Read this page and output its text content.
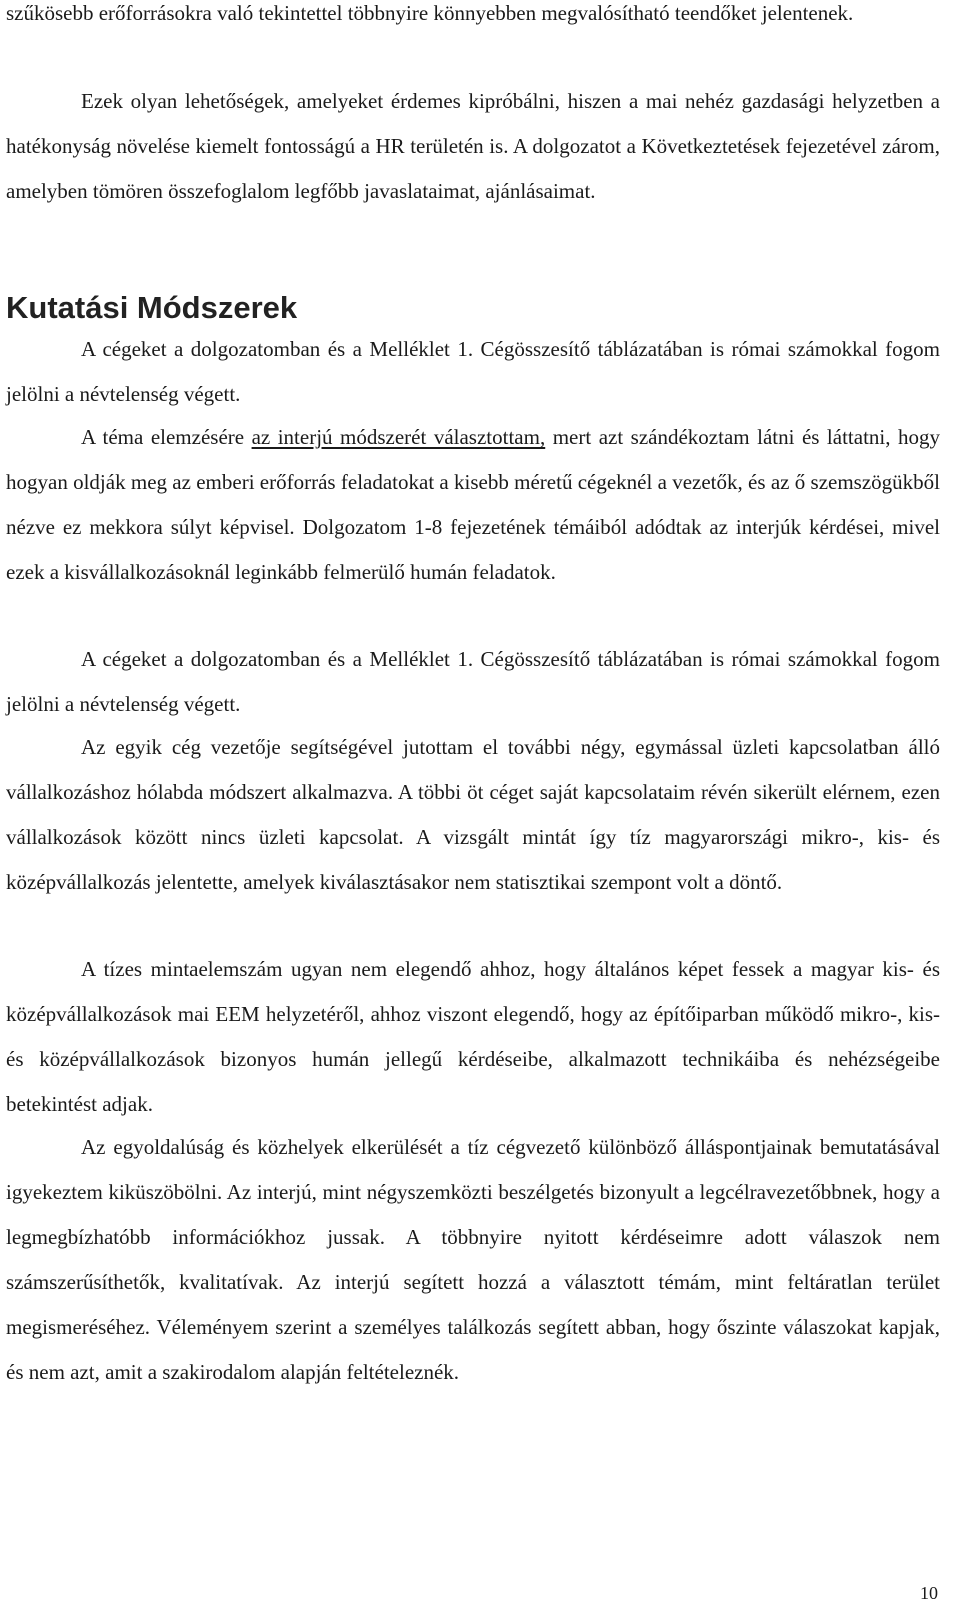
szűkösebb erőforrásokra való tekintettel többnyire könnyebben megvalósítható teendőket jelentenek.

Ezek olyan lehetőségek, amelyeket érdemes kipróbálni, hiszen a mai nehéz gazdasági helyzetben a hatékonyság növelése kiemelt fontosságú a HR területén is. A dolgozatot a Következtetések fejezetével zárom, amelyben tömören összefoglalom legfőbb javaslataimat, ajánlásaimat.

Kutatási Módszerek

A cégeket a dolgozatomban és a Melléklet 1. Cégösszesítő táblázatában is római számokkal fogom jelölni a névtelenség végett.

A téma elemzésére az interjú módszerét választottam, mert azt szándékoztam látni és láttatni, hogy hogyan oldják meg az emberi erőforrás feladatokat a kisebb méretű cégeknél a vezetők, és az ő szemszögükből nézve ez mekkora súlyt képvisel. Dolgozatom 1-8 fejezetének témáiból adódtak az interjúk kérdései, mivel ezek a kisvállalkozásoknál leginkább felmerülő humán feladatok.

A cégeket a dolgozatomban és a Melléklet 1. Cégösszesítő táblázatában is római számokkal fogom jelölni a névtelenség végett.

Az egyik cég vezetője segítségével jutottam el további négy, egymással üzleti kapcsolatban álló vállalkozáshoz hólabda módszert alkalmazva. A többi öt céget saját kapcsolataim révén sikerült elérnem, ezen vállalkozások között nincs üzleti kapcsolat. A vizsgált mintát így tíz magyarországi mikro-, kis- és középvállalkozás jelentette, amelyek kiválasztásakor nem statisztikai szempont volt a döntő.

A tízes mintaelemszám ugyan nem elegendő ahhoz, hogy általános képet fessek a magyar kis- és középvállalkozások mai EEM helyzetéről, ahhoz viszont elegendő, hogy az építőiparban működő mikro-, kis- és középvállalkozások bizonyos humán jellegű kérdéseibe, alkalmazott technikáiba és nehézségeibe betekintést adjak.

Az egyoldalúság és közhelyek elkerülését a tíz cégvezető különböző álláspontjainak bemutatásával igyekeztem kiküszöbölni. Az interjú, mint négyszemközti beszélgetés bizonyult a legcélravezetőbbnek, hogy a legmegbízhatóbb információkhoz jussak. A többnyire nyitott kérdéseimre adott válaszok nem számszerűsíthetők, kvalitatívak. Az interjú segített hozzá a választott témám, mint feltáratlan terület megismeréséhez. Véleményem szerint a személyes találkozás segített abban, hogy őszinte válaszokat kapjak, és nem azt, amit a szakirodalom alapján feltételeznék.

10
